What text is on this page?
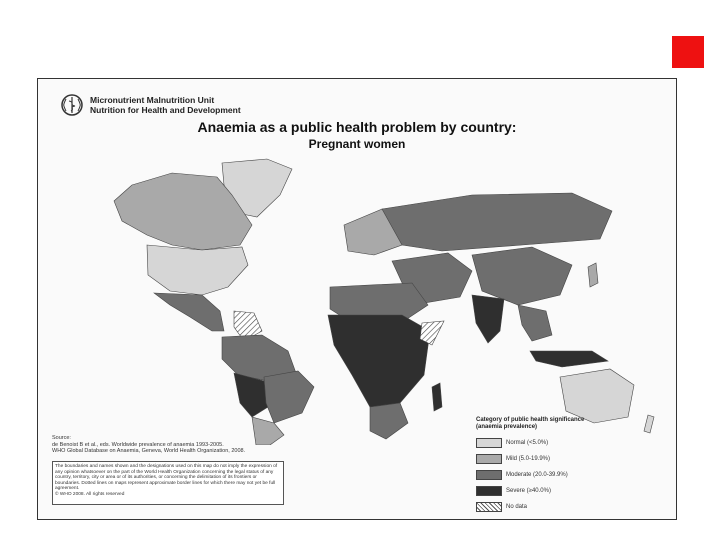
Micronutrient Malnutrition Unit
Nutrition for Health and Development
Anaemia as a public health problem by country:
Pregnant women
Source:
de Benoist B et al., eds. Worldwide prevalence of anaemia 1993-2005.
WHO Global Database on Anaemia, Geneva, World Health Organization, 2008.
The boundaries and names shown and the designations used on this map do not imply the expression of any opinion whatsoever on the part of the World Health Organization concerning the legal status of any country, territory, city or area or of its authorities, or concerning the delimitation of its frontiers or boundaries. Dotted lines on maps represent approximate border lines for which there may not yet be full agreement.
© WHO 2008. All rights reserved
Category of public health significance
(anaemia prevalence)
Normal (<5.0%)
Mild (5.0-19.9%)
Moderate (20.0-39.9%)
Severe (≥40.0%)
No data
